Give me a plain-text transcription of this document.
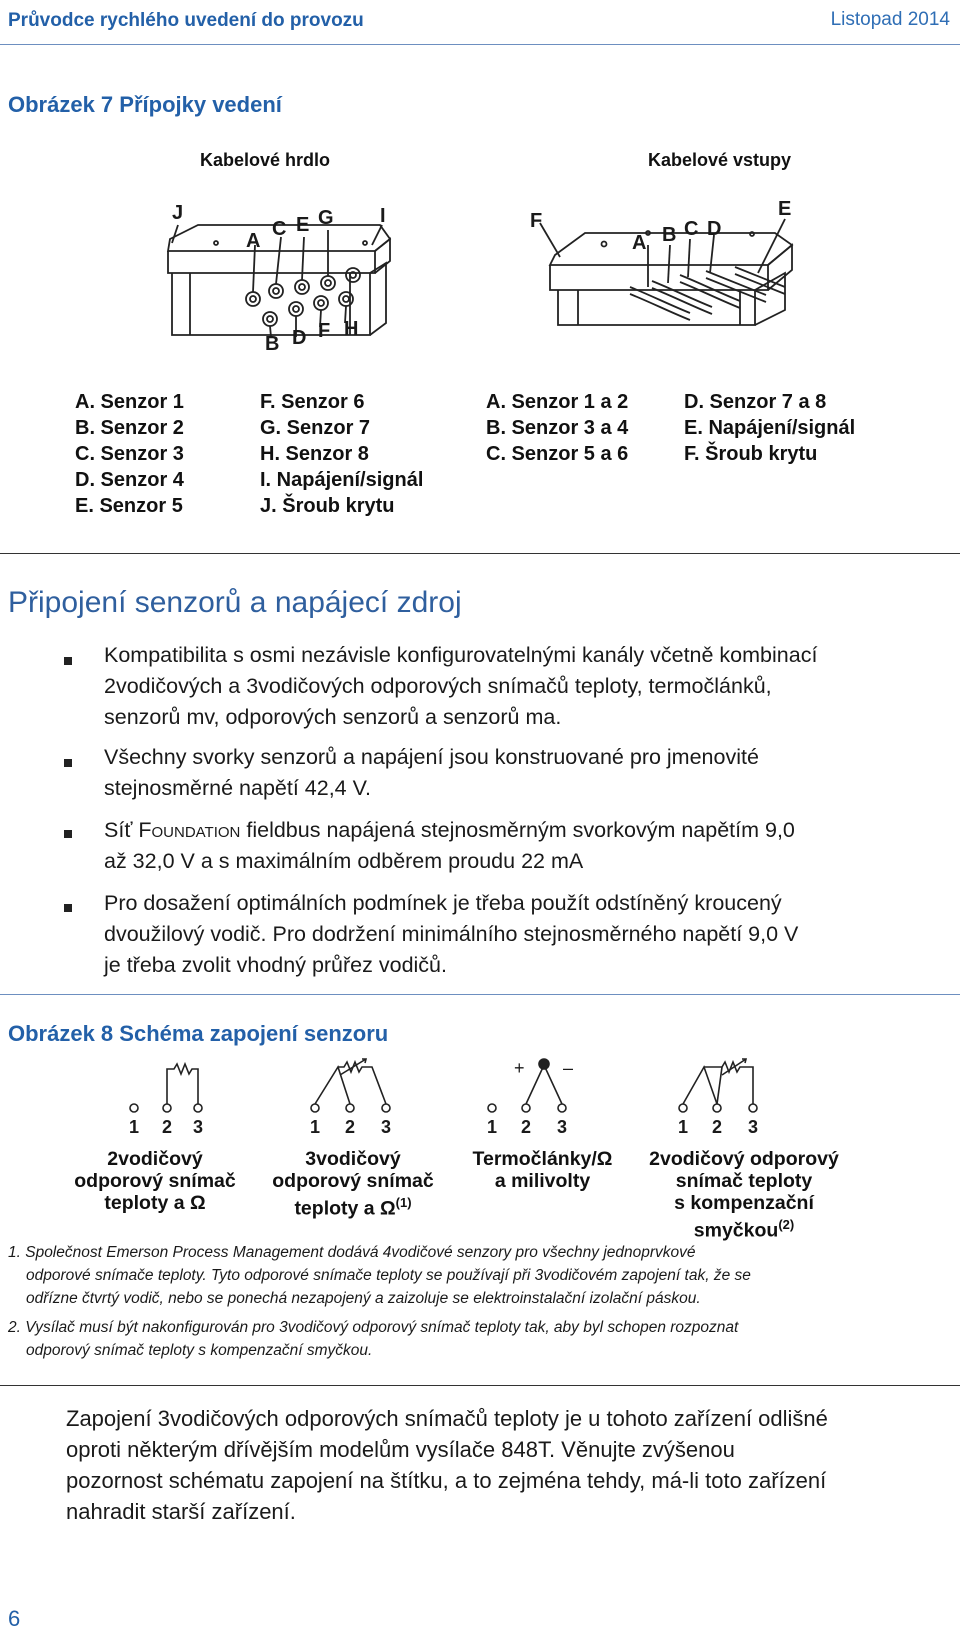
Průvodce rychlého uvedení do provozu	Listopad 2014
Obrázek 7 Přípojky vedení
Kabelové hrdlo	Kabelové vstupy
J
A
C E G I
B D F H
F
A B C D
E
A. Senzor 1
B. Senzor 2
C. Senzor 3
D. Senzor 4
E. Senzor 5
F. Senzor 6
G. Senzor 7
H. Senzor 8
I. Napájení/signál
J. Šroub krytu
A. Senzor 1 a 2
B. Senzor 3 a 4
C. Senzor 5 a 6
D. Senzor 7 a 8
E. Napájení/signál
F. Šroub krytu
Připojení senzorů a napájecí zdroj
Kompatibilita s osmi nezávisle konfigurovatelnými kanály včetně kombinací
2vodičových a 3vodičových odporových snímačů teploty, termočlánků,
senzorů mv, odporových senzorů a senzorů ma.
Všechny svorky senzorů a napájení jsou konstruované pro jmenovité
stejnosměrné napětí 42,4 V.
Síť Foundation fieldbus napájená stejnosměrným svorkovým napětím 9,0
až 32,0 V a s maximálním odběrem proudu 22 mA
Pro dosažení optimálních podmínek je třeba použít odstíněný kroucený
dvoužilový vodič. Pro dodržení minimálního stejnosměrného napětí 9,0 V
je třeba zvolit vhodný průřez vodičů.
Obrázek 8 Schéma zapojení senzoru
+ –
1 2 3	1 2 3	1 2 3	1 2 3
2vodičový
odporový snímač
teploty a Ω
3vodičový
odporový snímač
teploty a $\Omega^{(1)}$
Termočlánky/Ω
a milivolty
2vodičový odporový
snímač teploty
s kompenzační
smyčkou$^{(2)}$
1. Společnost Emerson Process Management dodává 4vodičové senzory pro všechny jednoprvkové
odporové snímače teploty. Tyto odporové snímače teploty se používají při 3vodičovém zapojení tak, že se
odřízne čtvrtý vodič, nebo se ponechá nezapojený a zaizoluje se elektroinstalační izolační páskou.
2. Vysílač musí být nakonfigurován pro 3vodičový odporový snímač teploty tak, aby byl schopen rozpoznat
odporový snímač teploty s kompenzační smyčkou.
Zapojení 3vodičových odporových snímačů teploty je u tohoto zařízení odlišné
oproti některým dřívějším modelům vysílače 848T. Věnujte zvýšenou
pozornost schématu zapojení na štítku, a to zejména tehdy, má-li toto zařízení
nahradit starší zařízení.
6
